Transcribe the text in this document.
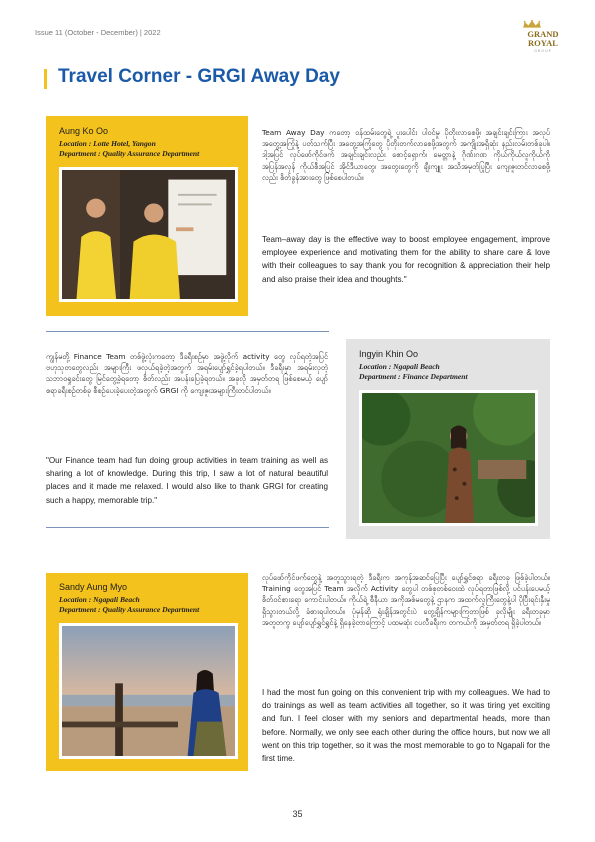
Issue 11 (October - December) | 2022	GRAND
ROYAL
GROUP
Travel Corner - GRGI Away Day
Aung Ko Oo
Location : Lotte Hotel, Yangon
Department : Quality Assurance Department
Team Away Day ကတော့ ဝန်ထမ်းတွေရဲ့ ပူးပေါင်း ပါဝင်မှု ပိုတိုးလာစေဖို့၊ အချင်းချင်းကြား အလုပ်အတွေ့အကြုံနဲ့ ပတ်သက်ပြီး အတွေ့အကြုံတွေ ပိုတိုးတက်လာစေဖို့အတွက် အကျိုးအရှိဆုံး နည်းလမ်းတစ်ခုပါ။ ဒါ့အပြင် လုပ်ဖော်ကိုင်ဖက် အချင်းချင်းလည်း စောင့်ရှောက်၊ မေတ္တာနဲ့ ဂိုဏ်းဂဏ ကိုယ်ကိုယ်လူကိုယ်ကို အပြန်အလှန် ကိုယ်စီအပြင် အိုင်ဒီယာတွေ၊ အတွေးတွေကို ချီးကျူး အသိအမှတ်ပြုပြီး ကျေးဇူးတင်လာစေဖို့လည်း စိတ်ခွန်အားတွေ ဖြစ်စေပါတယ်။
Team–away day is the effective way to boost employee engagement, improve employee experience and motivating them for the ability to share care & love with their colleagues to say thank you for recognition & appreciation their help and also praise their idea and thoughts."
Ingyin Khin Oo
Location : Ngapali Beach
Department : Finance Department
ကျွန်မတို့ Finance Team တစ်ဖွဲ့လုံးကတော့ ဒီခရီးစဉ်မှာ အဖွဲ့လိုက် activity တွေ လုပ်ရတဲ့အပြင် ဗဟုသုတတွေလည်း အများကြီး ဖလှယ်ရခဲ့တဲ့အတွက် အရမ်းပျော်ရွှင်ခဲ့ရပါတယ်။ ဒီခရီးမှာ အရမ်းလှတဲ့ သဘာဝရှုခင်းတွေ မြင်တွေ့ခဲ့ရတော့ စိတ်လည်း အပန်းပြေခဲ့ရတယ်။ အခုလို အမှတ်တရ ဖြစ်စေမယ့် ပျော်စရာခရီးစဉ်တစ်ခု စီစဉ်ပေးခဲ့ပေးတဲ့အတွက် GRGI ကို ကျေးဇူးအများကြီးတင်ပါတယ်။
"Our Finance team had fun doing group activities in team training as well as sharing a lot of knowledge. During this trip, I saw a lot of natural beautiful places and it made me relaxed. I would also like to thank GRGI for creating such a happy, memorable trip."
Sandy Aung Myo
Location : Ngapali Beach
Department : Quality Assurance Department
လုပ်ဖော်ကိုင်ဖက်တွေနဲ့ အတူသွားရတဲ့ ဒီခရီးက အကုန်အဆင်ပြေပြီး ပျော်ရွှင်စရာ ခရီးတခု ဖြစ်ခဲ့ပါတယ်။ Training တွေအပြင် Team အလိုက် Activity တွေပါ တစ်စုတစ်ဝေးထဲ လုပ်ရတာဖြစ်လို့ ပင်ပန်းပေမယ့် စိတ်ဝင်စားရော ကောင်းပါတယ်။ ကိုယ်ရဲ့ စီနီယာ အကိုအစ်မတွေနဲ့ ဌာနက အထက်လူကြီးတွေနဲ့ပါ ပိုပြီးရင်းနှီးမှုရှိသွားတယ်လို့ ခံစားရပါတယ်။ ပုံမှန်ဆို ရုံးချိန်အတွင်းပဲ တွေ့ချိန်ကများကြတာဖြစ် ခုလိုမျိုး ခရီးတခုမှာ အတူတကွ ပျော်ပျော်ရွှင်ရွှင်နဲ့ ရှိနေခဲ့တာကြောင့် ပထမဆုံး ငပလီခရီးက တကယ်ကို အမှတ်တရ ရှိခဲ့ပါတယ်။
I had the most fun going on this convenient trip with my colleagues. We had to do trainings as well as team activities all together, so it was tiring yet exciting and fun. I feel closer with my seniors and departmental heads, more than before. Normally, we only see each other during the office hours, but now we all went on this trip together, so it was the most memorable to go to Ngapali for the first time.
35
